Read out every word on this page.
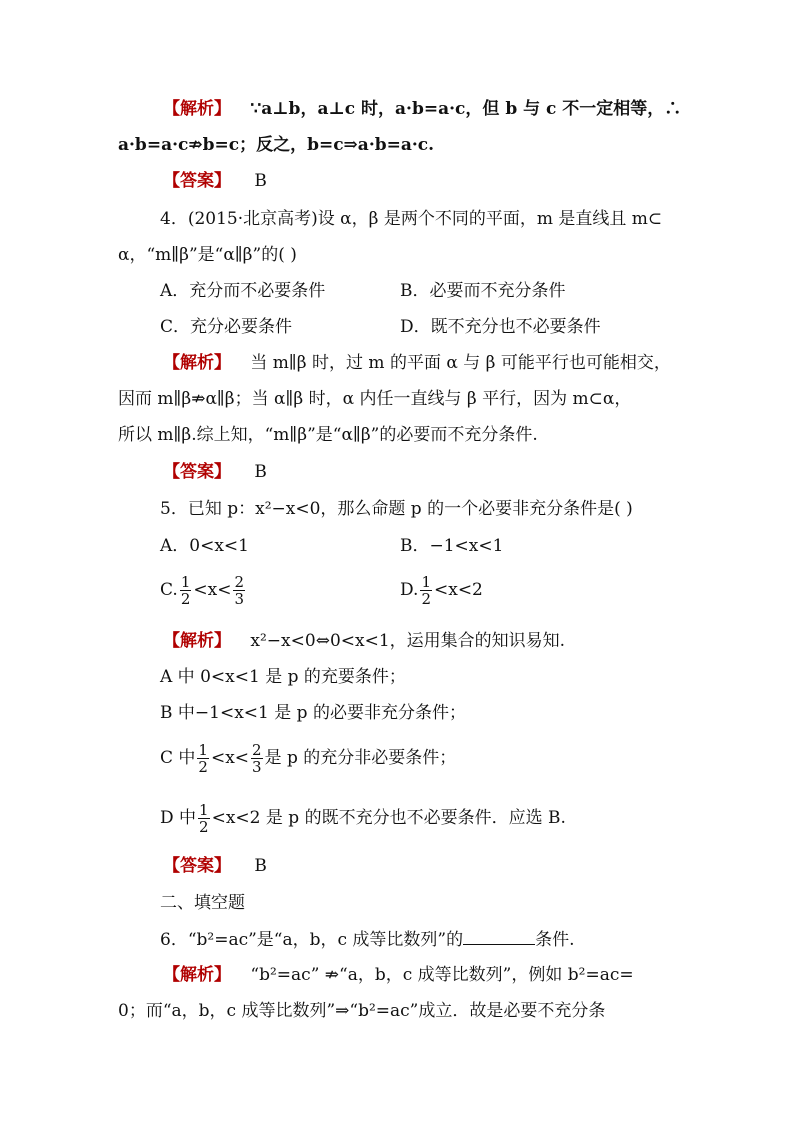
【解析】 ∵a⊥b，a⊥c 时，a·b=a·c，但 b 与 c 不一定相等，∴
a·b=a·c⇏b=c；反之，b=c⇒a·b=a·c.
【答案】 B
4．(2015·北京高考)设 α，β 是两个不同的平面，m 是直线且 m⊂
α，“m∥β”是“α∥β”的( )
A．充分而不必要条件	B．必要而不充分条件
C．充分必要条件	D．既不充分也不必要条件
【解析】 当 m∥β 时，过 m 的平面 α 与 β 可能平行也可能相交，
因而 m∥β⇏α∥β；当 α∥β 时，α 内任一直线与 β 平行，因为 m⊂α，
所以 m∥β.综上知，“m∥β”是“α∥β”的必要而不充分条件.
【答案】 B
5．已知 p：x²−x<0，那么命题 p 的一个必要非充分条件是( )
A．0<x<1	B．−1<x<1
C. $\frac{1}{2} <x< \frac{2}{3}$	D. $\frac{1}{2} <x<2$
【解析】 x²−x<0⇔0<x<1，运用集合的知识易知.
A 中 0<x<1 是 p 的充要条件；
B 中−1<x<1 是 p 的必要非充分条件；
C 中 $\frac{1}{2} <x< \frac{2}{3}$ 是 p 的充分非必要条件；
D 中 $\frac{1}{2} <x<2$ 是 p 的既不充分也不必要条件．应选 B.
【答案】 B
二、填空题
6．“b²=ac”是“a，b，c 成等比数列”的	条件.
【解析】 “b²=ac” ⇏“a，b，c 成等比数列”，例如 b²=ac=
0；而“a，b，c 成等比数列”⇒“b²=ac”成立．故是必要不充分条
